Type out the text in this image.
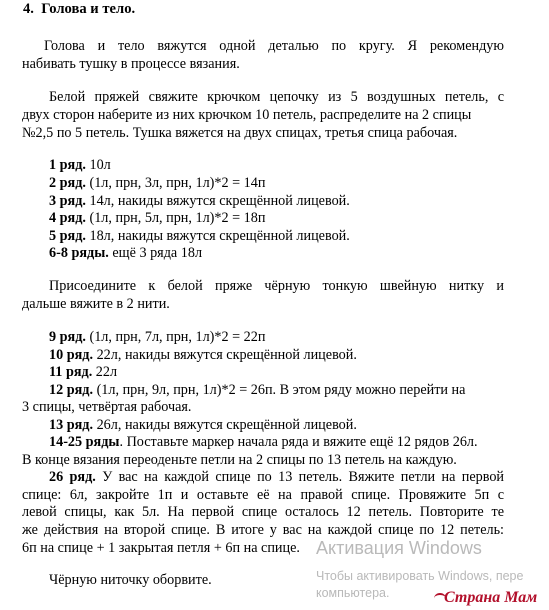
4. Голова и тело.
Голова и тело вяжутся одной деталью по кругу. Я рекомендую
набивать тушку в процессе вязания.
Белой пряжей свяжите крючком цепочку из 5 воздушных петель, с
двух сторон наберите из них крючком 10 петель, распределите на 2 спицы
№2,5 по 5 петель. Тушка вяжется на двух спицах, третья спица рабочая.
1 ряд. 10л
2 ряд. (1л, прн, 3л, прн, 1л)*2 = 14п
3 ряд. 14л, накиды вяжутся скрещённой лицевой.
4 ряд. (1л, прн, 5л, прн, 1л)*2 = 18п
5 ряд. 18л, накиды вяжутся скрещённой лицевой.
6-8 ряды. ещё 3 ряда 18л
Присоедините к белой пряже чёрную тонкую швейную нитку и
дальше вяжите в 2 нити.
9 ряд. (1л, прн, 7л, прн, 1л)*2 = 22п
10 ряд. 22л, накиды вяжутся скрещённой лицевой.
11 ряд. 22л
12 ряд. (1л, прн, 9л, прн, 1л)*2 = 26п. В этом ряду можно перейти на
3 спицы, четвёртая рабочая.
13 ряд. 26л, накиды вяжутся скрещённой лицевой.
14-25 ряды. Поставьте маркер начала ряда и вяжите ещё 12 рядов 26л.
В конце вязания переоденьте петли на 2 спицы по 13 петель на каждую.
26 ряд. У вас на каждой спице по 13 петель. Вяжите петли на первой
спице: 6л, закройте 1п и оставьте её на правой спице. Провяжите 5п с
левой спицы, как 5л. На первой спице осталось 12 петель. Повторите те
же действия на второй спице. В итоге у вас на каждой спице по 12 петель:
6п на спице + 1 закрытая петля + 6п на спице.
Чёрную ниточку оборвите.
Активация Windows
Чтобы активировать Windows, пере
компьютера.	Страна Мам
